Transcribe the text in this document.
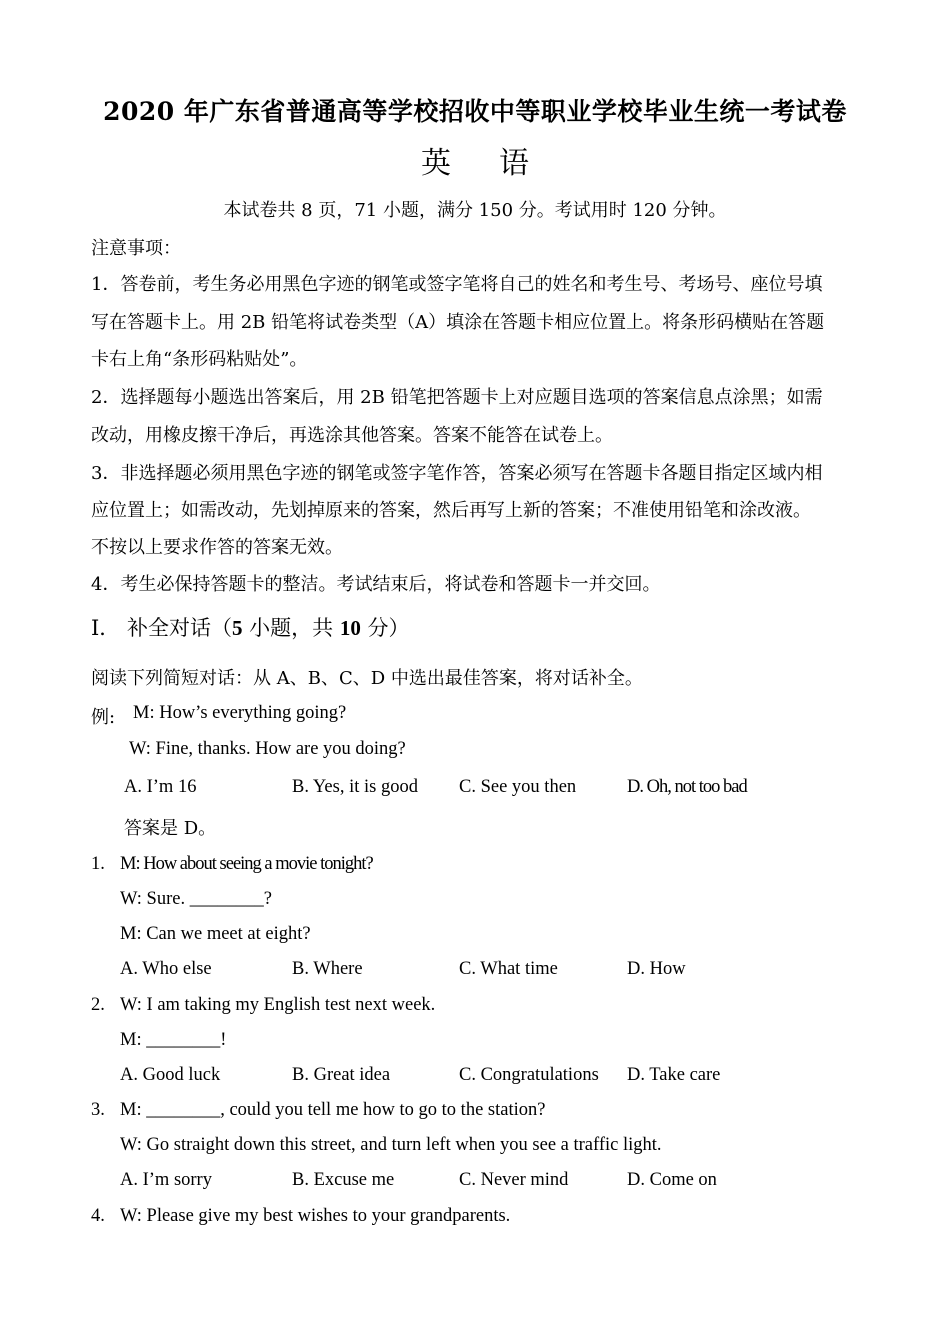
2020 年广东省普通高等学校招收中等职业学校毕业生统一考试卷
英语
本试卷共 8 页，71 小题，满分 150 分。考试用时 120 分钟。
注意事项：
1．答卷前，考生务必用黑色字迹的钢笔或签字笔将自己的姓名和考生号、考场号、座位号填
写在答题卡上。用 2B 铅笔将试卷类型（A）填涂在答题卡相应位置上。将条形码横贴在答题
卡右上角“条形码粘贴处”。
2．选择题每小题选出答案后，用 2B 铅笔把答题卡上对应题目选项的答案信息点涂黑；如需
改动，用橡皮擦干净后，再选涂其他答案。答案不能答在试卷上。
3．非选择题必须用黑色字迹的钢笔或签字笔作答，答案必须写在答题卡各题目指定区域内相
应位置上；如需改动，先划掉原来的答案，然后再写上新的答案；不准使用铅笔和涂改液。
不按以上要求作答的答案无效。
4．考生必保持答题卡的整洁。考试结束后，将试卷和答题卡一并交回。
Ⅰ． 补全对话（5 小题，共 10 分）
阅读下列简短对话：从 A、B、C、D 中选出最佳答案，将对话补全。
例: M: How’s everything going?
W: Fine, thanks. How are you doing?
A. I’m 16	B. Yes, it is good C. See you then	D. Oh, not too bad
答案是 D。
1. M: How about seeing a movie tonight?
W: Sure. ________?
M: Can we meet at eight?
A. Who else	B. Where	C. What time	D. How
2. W: I am taking my English test next week.
M: ________!
A. Good luck	B. Great idea	C. Congratulations D. Take care
3. M: ________, could you tell me how to go to the station?
W: Go straight down this street, and turn left when you see a traffic light.
A. I’m sorry	B. Excuse me	C. Never mind	D. Come on
4. W: Please give my best wishes to your grandparents.
